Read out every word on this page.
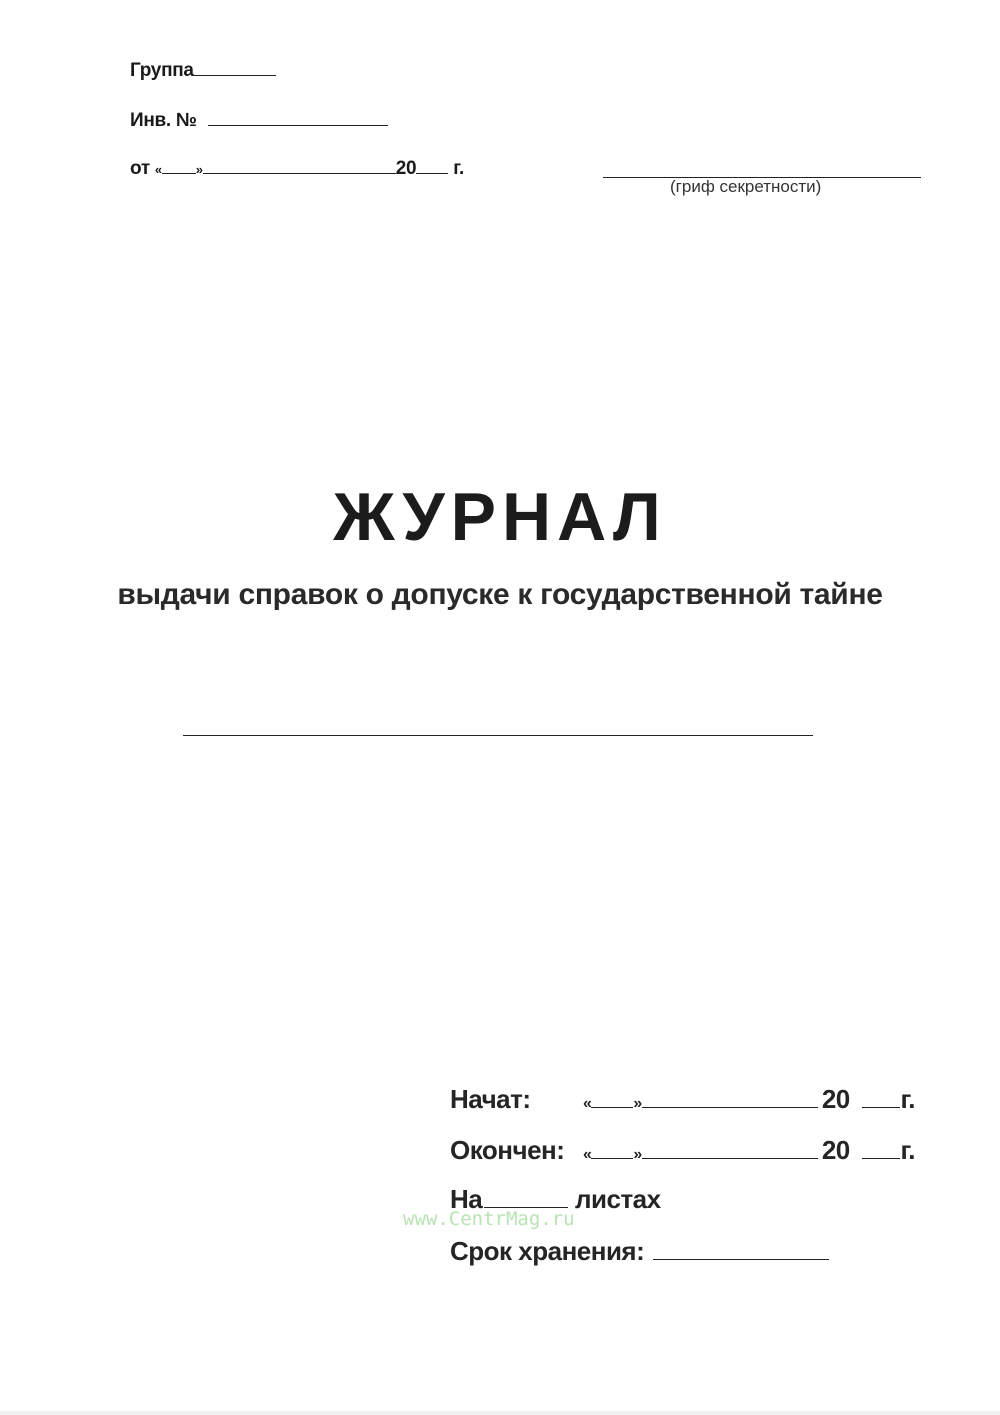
Группа
Инв. №
от «	»	20 г.
(гриф секретности)
ЖУРНАЛ
выдачи справок о допуске к государственной тайне
Начат:	«	»	20 г.
Окончен: «	»	20 г.
На	листах
Срок хранения:
www.CentrMag.ru
